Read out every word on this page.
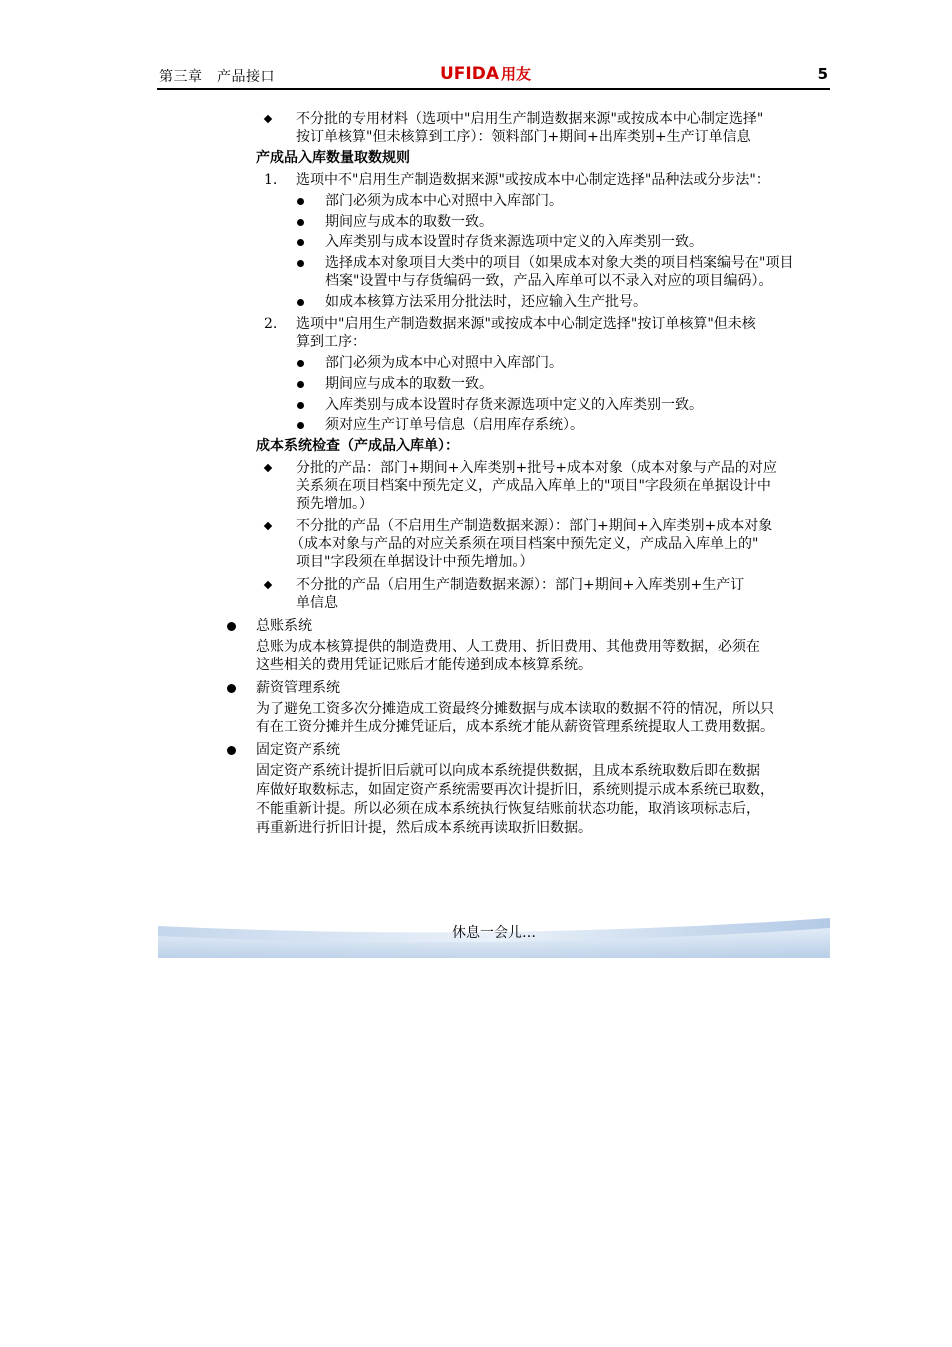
第三章　产品接口	UFIDA 用友	5
不分批的专用材料（选项中"启用生产制造数据来源"或按成本中心制定选择"
按订单核算"但未核算到工序）：领料部门+期间+出库类别+生产订单信息
产成品入库数量取数规则
1. 选项中不"启用生产制造数据来源"或按成本中心制定选择"品种法或分步法"：
部门必须为成本中心对照中入库部门。
期间应与成本的取数一致。
入库类别与成本设置时存货来源选项中定义的入库类别一致。
选择成本对象项目大类中的项目（如果成本对象大类的项目档案编号在"项目
档案"设置中与存货编码一致，产品入库单可以不录入对应的项目编码）。
如成本核算方法采用分批法时，还应输入生产批号。
2. 选项中"启用生产制造数据来源"或按成本中心制定选择"按订单核算"但未核
算到工序：
部门必须为成本中心对照中入库部门。
期间应与成本的取数一致。
入库类别与成本设置时存货来源选项中定义的入库类别一致。
须对应生产订单号信息（启用库存系统）。
成本系统检查（产成品入库单）：
分批的产品：部门+期间+入库类别+批号+成本对象（成本对象与产品的对应
关系须在项目档案中预先定义，产成品入库单上的"项目"字段须在单据设计中
预先增加。）
不分批的产品（不启用生产制造数据来源）：部门+期间+入库类别+成本对象
（成本对象与产品的对应关系须在项目档案中预先定义，产成品入库单上的"
项目"字段须在单据设计中预先增加。）
不分批的产品（启用生产制造数据来源）：部门+期间+入库类别+生产订
单信息
总账系统
总账为成本核算提供的制造费用、人工费用、折旧费用、其他费用等数据，必须在
这些相关的费用凭证记账后才能传递到成本核算系统。
薪资管理系统
为了避免工资多次分摊造成工资最终分摊数据与成本读取的数据不符的情况，所以只
有在工资分摊并生成分摊凭证后，成本系统才能从薪资管理系统提取人工费用数据。
固定资产系统
固定资产系统计提折旧后就可以向成本系统提供数据，且成本系统取数后即在数据
库做好取数标志，如固定资产系统需要再次计提折旧，系统则提示成本系统已取数，
不能重新计提。所以必须在成本系统执行恢复结账前状态功能，取消该项标志后，
再重新进行折旧计提，然后成本系统再读取折旧数据。
休息一会儿…
